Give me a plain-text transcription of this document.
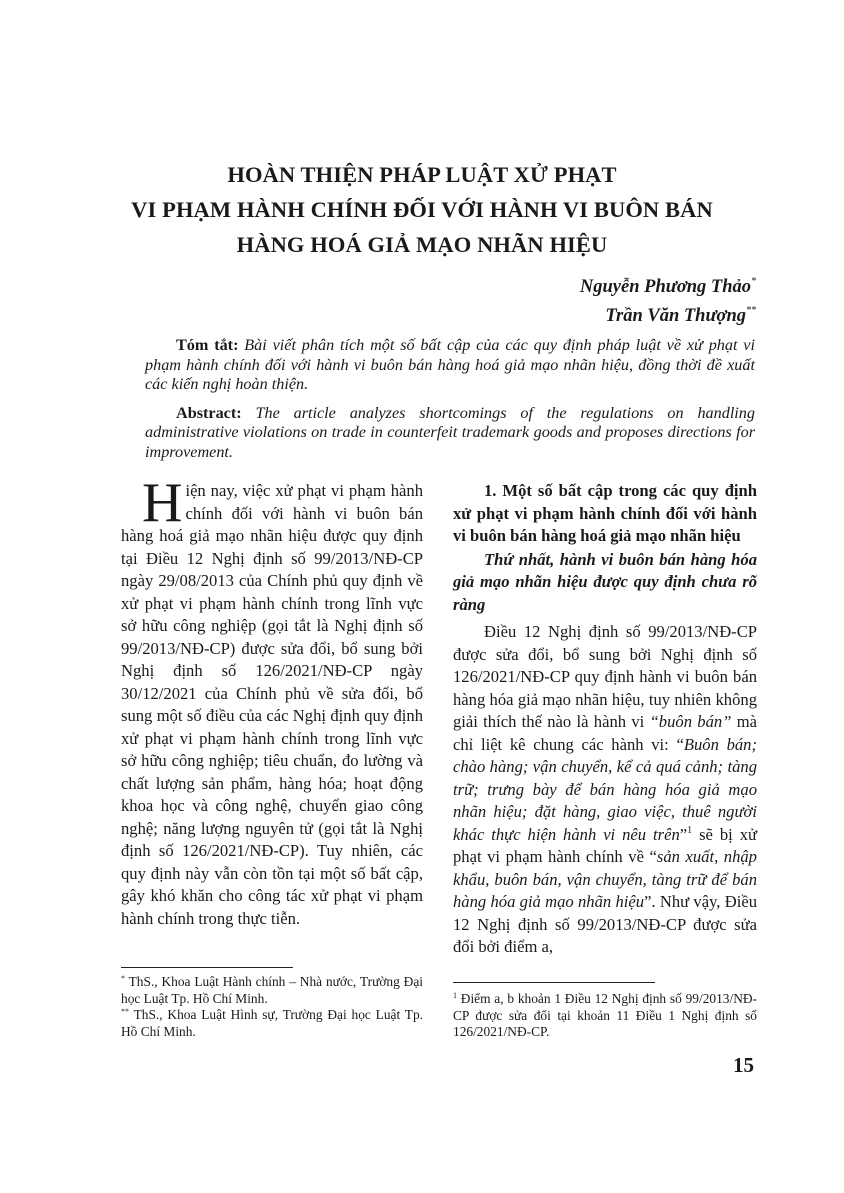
HOÀN THIỆN PHÁP LUẬT XỬ PHẠT
VI PHẠM HÀNH CHÍNH ĐỐI VỚI HÀNH VI BUÔN BÁN
HÀNG HOÁ GIẢ MẠO NHÃN HIỆU
Nguyễn Phương Thảo*
Trần Văn Thượng**

Tóm tắt: Bài viết phân tích một số bất cập của các quy định pháp luật về xử phạt vi phạm hành chính đối với hành vi buôn bán hàng hoá giả mạo nhãn hiệu, đồng thời đề xuất các kiến nghị hoàn thiện.

Abstract: The article analyzes shortcomings of the regulations on handling administrative violations on trade in counterfeit trademark goods and proposes directions for improvement.

Hiện nay, việc xử phạt vi phạm hành chính đối với hành vi buôn bán hàng hoá giả mạo nhãn hiệu được quy định tại Điều 12 Nghị định số 99/2013/NĐ-CP ngày 29/08/2013 của Chính phủ quy định về xử phạt vi phạm hành chính trong lĩnh vực sở hữu công nghiệp (gọi tắt là Nghị định số 99/2013/NĐ-CP) được sửa đổi, bổ sung bởi Nghị định số 126/2021/NĐ-CP ngày 30/12/2021 của Chính phủ về sửa đổi, bổ sung một số điều của các Nghị định quy định xử phạt vi phạm hành chính trong lĩnh vực sở hữu công nghiệp; tiêu chuẩn, đo lường và chất lượng sản phẩm, hàng hóa; hoạt động khoa học và công nghệ, chuyển giao công nghệ; năng lượng nguyên tử (gọi tắt là Nghị định số 126/2021/NĐ-CP). Tuy nhiên, các quy định này vẫn còn tồn tại một số bất cập, gây khó khăn cho công tác xử phạt vi phạm hành chính trong thực tiễn.

1. Một số bất cập trong các quy định xử phạt vi phạm hành chính đối với hành vi buôn bán hàng hoá giả mạo nhãn hiệu

Thứ nhất, hành vi buôn bán hàng hóa giả mạo nhãn hiệu được quy định chưa rõ ràng

Điều 12 Nghị định số 99/2013/NĐ-CP được sửa đổi, bổ sung bởi Nghị định số 126/2021/NĐ-CP quy định hành vi buôn bán hàng hóa giả mạo nhãn hiệu, tuy nhiên không giải thích thế nào là hành vi “buôn bán” mà chỉ liệt kê chung các hành vi: “Buôn bán; chào hàng; vận chuyển, kể cả quá cảnh; tàng trữ; trưng bày để bán hàng hóa giả mạo nhãn hiệu; đặt hàng, giao việc, thuê người khác thực hiện hành vi nêu trên”$^1$ sẽ bị xử phạt vi phạm hành chính về “sản xuất, nhập khẩu, buôn bán, vận chuyển, tàng trữ để bán hàng hóa giả mạo nhãn hiệu”. Như vậy, Điều 12 Nghị định số 99/2013/NĐ-CP được sửa đổi bởi điểm a,

* ThS., Khoa Luật Hành chính – Nhà nước, Trường Đại học Luật Tp. Hồ Chí Minh.

** ThS., Khoa Luật Hình sự, Trường Đại học Luật Tp. Hồ Chí Minh.

$^1$ Điểm a, b khoản 1 Điều 12 Nghị định số 99/2013/NĐ-CP được sửa đổi tại khoản 11 Điều 1 Nghị định số 126/2021/NĐ-CP.

15
